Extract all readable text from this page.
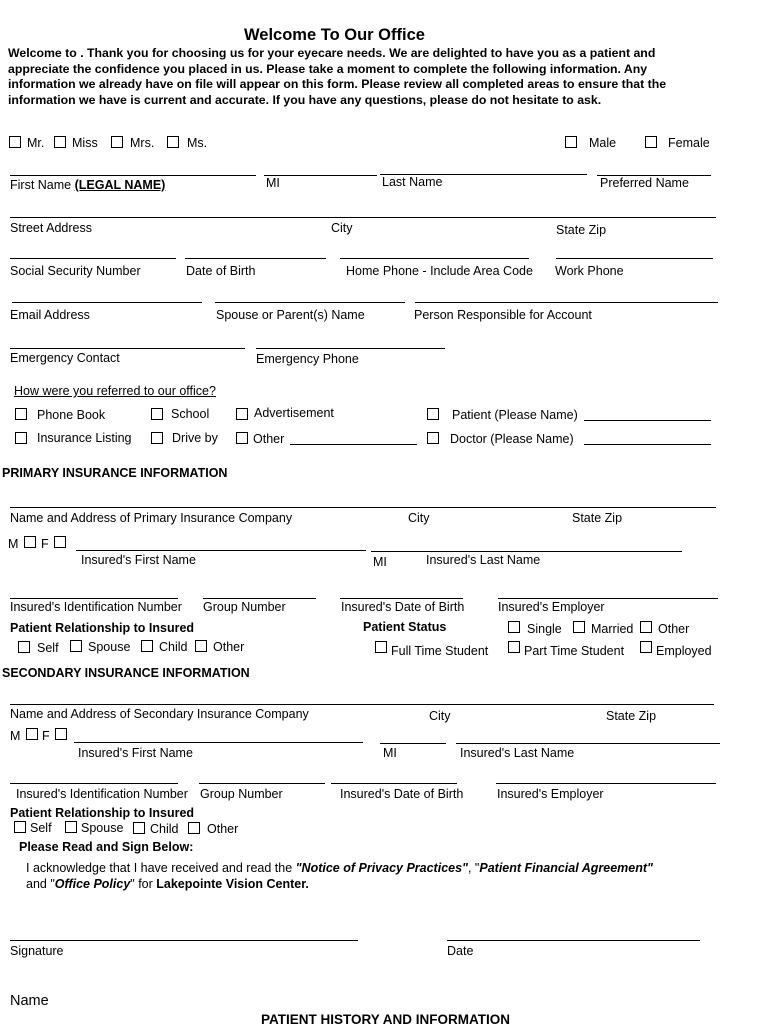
Welcome To Our Office
Welcome to . Thank you for choosing us for your eyecare needs. We are delighted to have you as a patient and
appreciate the confidence you placed in us. Please take a moment to complete the following information. Any
information we already have on file will appear on this form. Please review all completed areas to ensure that the
information we have is current and accurate. If you have any questions, please do not hesitate to ask.
Mr. Miss	Mrs.	Ms.	Male	Female
First Name (LEGAL NAME)	MI	Last Name	Preferred Name
Street Address	City	State Zip
Social Security Number	Date of Birth	Home Phone - Include Area Code Work Phone
Email Address	Spouse or Parent(s) Name	Person Responsible for Account
Emergency Contact	Emergency Phone
How were you referred to our office?
Phone Book	School	Advertisement	Patient (Please Name)
Insurance Listing	Drive by	Other	Doctor (Please Name)
PRIMARY INSURANCE INFORMATION
Name and Address of Primary Insurance Company	City	State Zip
M F
Insured's First Name	MI	Insured's Last Name
Insured's Identification Number Group Number	Insured's Date of Birth	Insured's Employer
Patient Relationship to Insured	Patient Status	Single Married Other
Self Spouse Child Other	Full Time Student	Part Time Student	Employed
SECONDARY INSURANCE INFORMATION
Name and Address of Secondary Insurance Company	City	State Zip
M F
Insured's First Name	MI	Insured's Last Name
Insured's Identification Number Group Number	Insured's Date of Birth	Insured's Employer
Patient Relationship to Insured
Self Spouse Child Other
Please Read and Sign Below:
I acknowledge that I have received and read the "Notice of Privacy Practices", "Patient Financial Agreement"
and "Office Policy" for Lakepointe Vision Center.
Signature	Date
Name
PATIENT HISTORY AND INFORMATION
